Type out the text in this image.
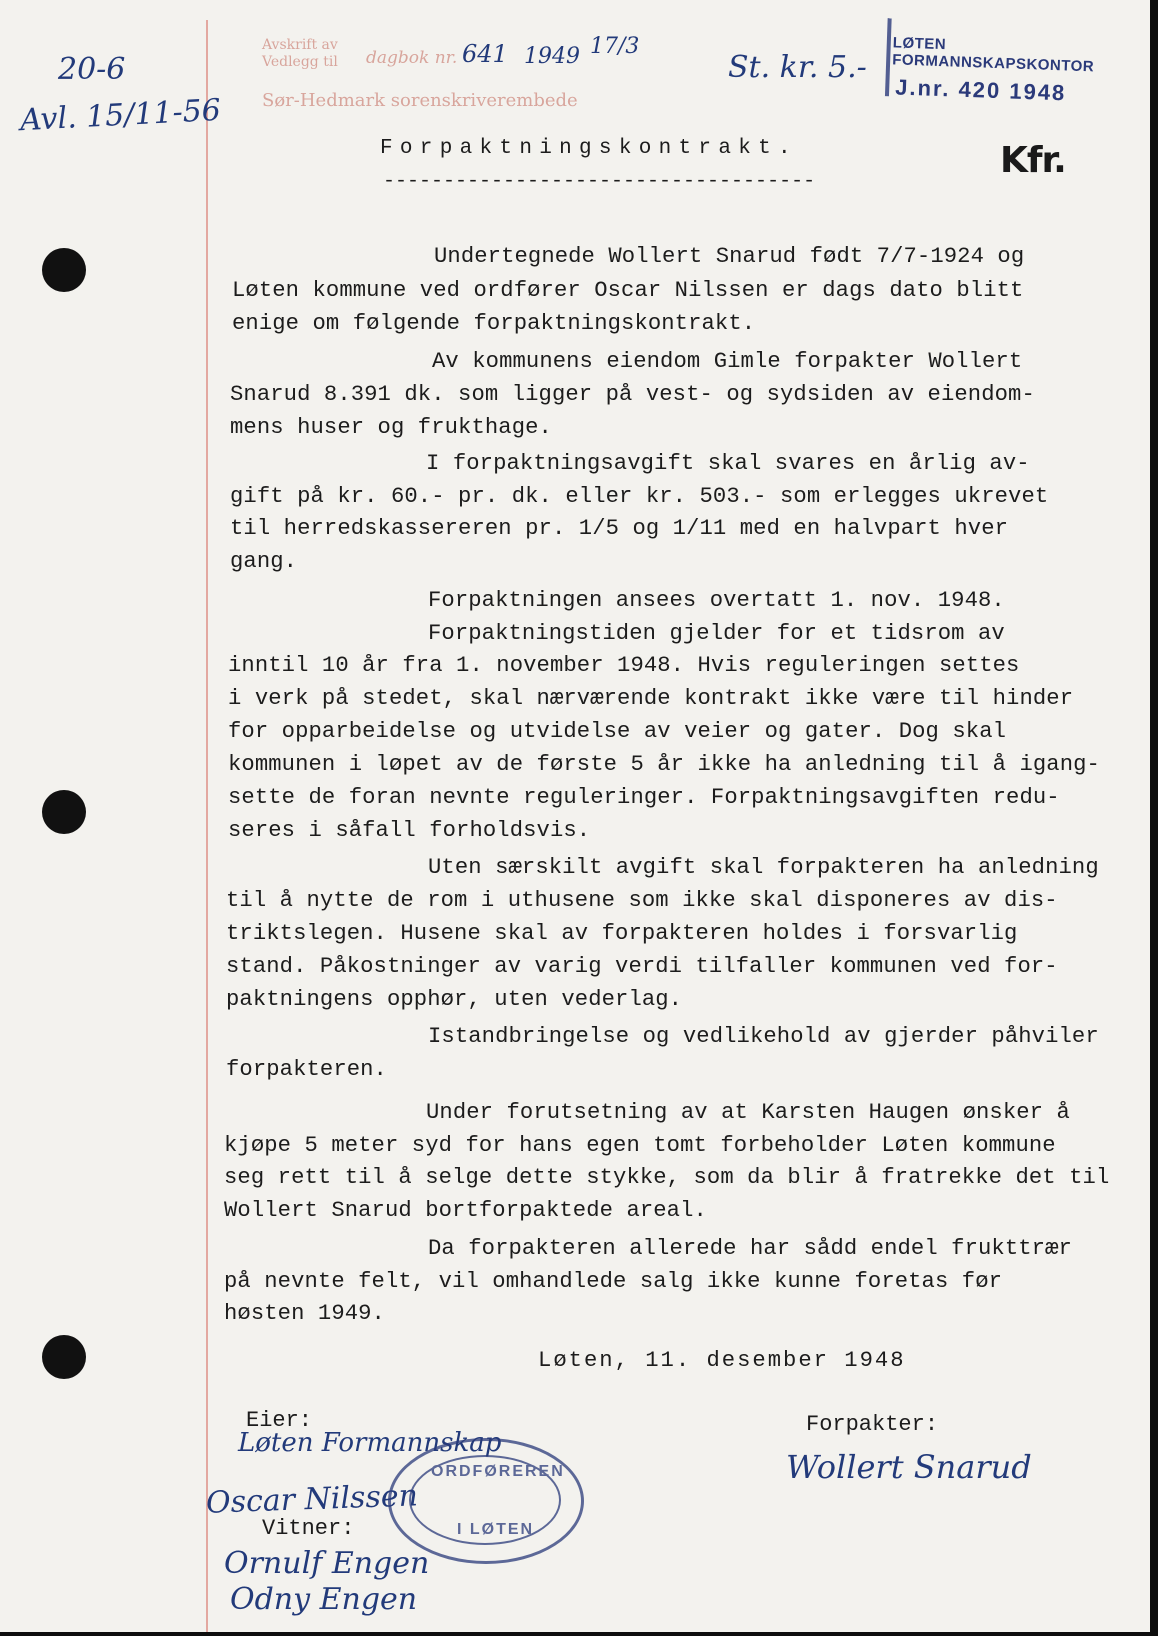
20-6
Avl. 15/11-56
Avskrift av
Vedlegg til dagbok nr. 641 1949 17/3
Sør-Hedmark sorenskriverembede
St. kr. 5.-
LØTEN FORMANNSKAPSKONTOR
J.nr. 420 1948
Forpaktningskontrakt.
------------------------------------
Kfr.
Undertegnede Wollert Snarud født 7/7-1924 og
Løten kommune ved ordfører Oscar Nilssen er dags dato blitt
enige om følgende forpaktningskontrakt.
Av kommunens eiendom Gimle forpakter Wollert
Snarud 8.391 dk. som ligger på vest- og sydsiden av eiendom-
mens huser og frukthage.
I forpaktningsavgift skal svares en årlig av-
gift på kr. 60.- pr. dk. eller kr. 503.- som erlegges ukrevet
til herredskassereren pr. 1/5 og 1/11 med en halvpart hver
gang.
Forpaktningen ansees overtatt 1. nov. 1948.
Forpaktningstiden gjelder for et tidsrom av
inntil 10 år fra 1. november 1948. Hvis reguleringen settes
i verk på stedet, skal nærværende kontrakt ikke være til hinder
for opparbeidelse og utvidelse av veier og gater. Dog skal
kommunen i løpet av de første 5 år ikke ha anledning til å igang-
sette de foran nevnte reguleringer. Forpaktningsavgiften redu-
seres i såfall forholdsvis.
Uten særskilt avgift skal forpakteren ha anledning
til å nytte de rom i uthusene som ikke skal disponeres av dis-
triktslegen. Husene skal av forpakteren holdes i forsvarlig
stand. Påkostninger av varig verdi tilfaller kommunen ved for-
paktningens opphør, uten vederlag.
Istandbringelse og vedlikehold av gjerder påhviler
forpakteren.
Under forutsetning av at Karsten Haugen ønsker å
kjøpe 5 meter syd for hans egen tomt forbeholder Løten kommune
seg rett til å selge dette stykke, som da blir å fratrekke det til
Wollert Snarud bortforpaktede areal.
Da forpakteren allerede har sådd endel frukttrær
på nevnte felt, vil omhandlede salg ikke kunne foretas før
høsten 1949.
Løten, 11. desember 1948
Eier:
Løten Formannskap
Oscar Nilssen
Forpakter:
Wollert Snarud
Vitner:
Ornulf Engen
Odny Engen
ORDFØREREN
I LØTEN
